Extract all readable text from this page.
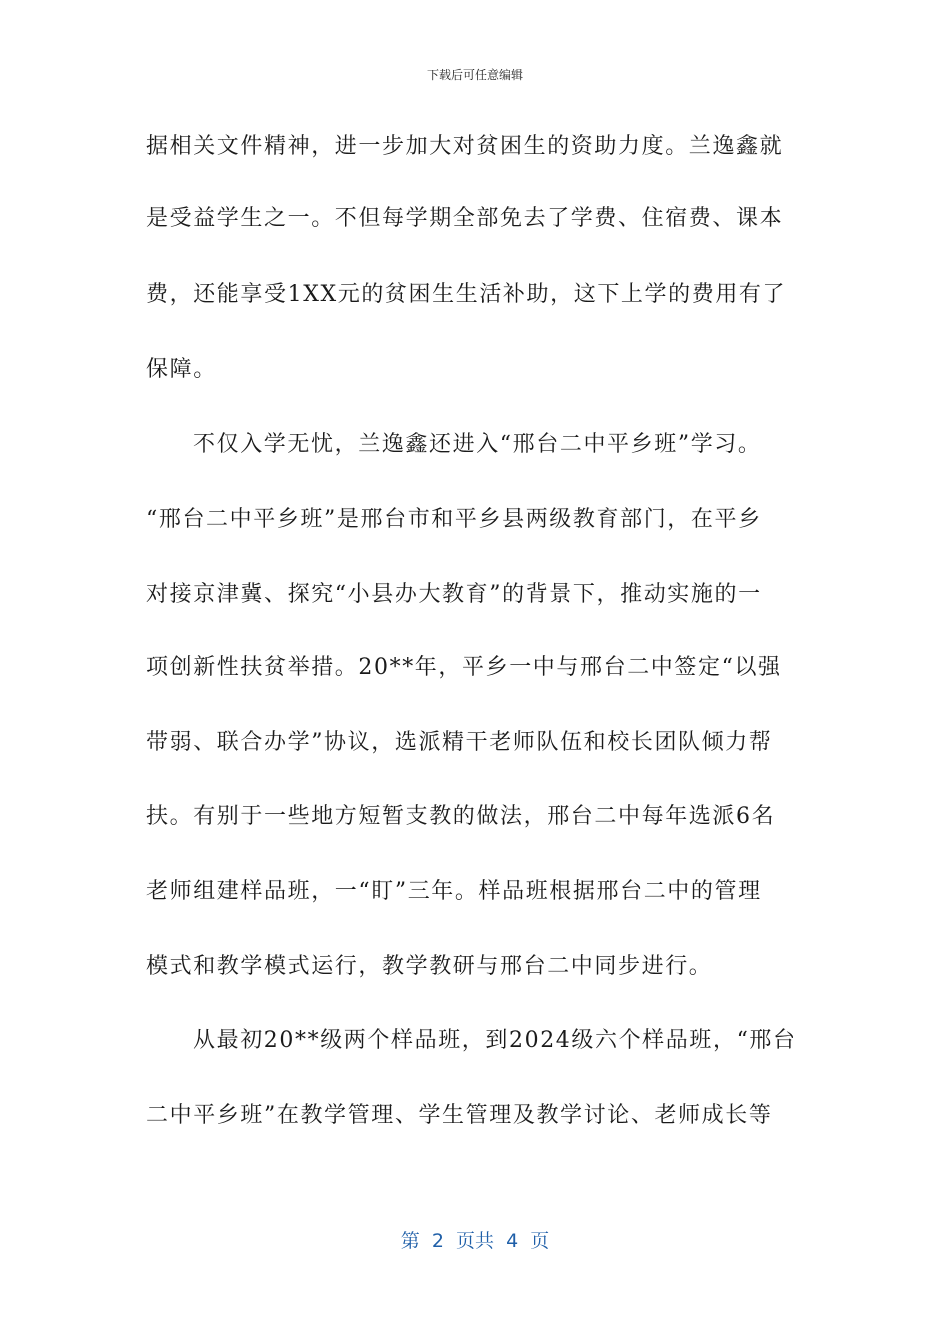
下载后可任意编辑
据相关文件精神，进一步加大对贫困生的资助力度。兰逸鑫就
是受益学生之一。不但每学期全部免去了学费、住宿费、课本
费，还能享受1XX元的贫困生生活补助，这下上学的费用有了
保障。
不仅入学无忧，兰逸鑫还进入“邢台二中平乡班”学习。
“邢台二中平乡班”是邢台市和平乡县两级教育部门，在平乡
对接京津冀、探究“小县办大教育”的背景下，推动实施的一
项创新性扶贫举措。20**年，平乡一中与邢台二中签定“以强
带弱、联合办学”协议，选派精干老师队伍和校长团队倾力帮
扶。有别于一些地方短暂支教的做法，邢台二中每年选派6名
老师组建样品班，一“盯”三年。样品班根据邢台二中的管理
模式和教学模式运行，教学教研与邢台二中同步进行。
从最初20**级两个样品班，到2024级六个样品班，“邢台
二中平乡班”在教学管理、学生管理及教学讨论、老师成长等
第  2  页共  4  页
